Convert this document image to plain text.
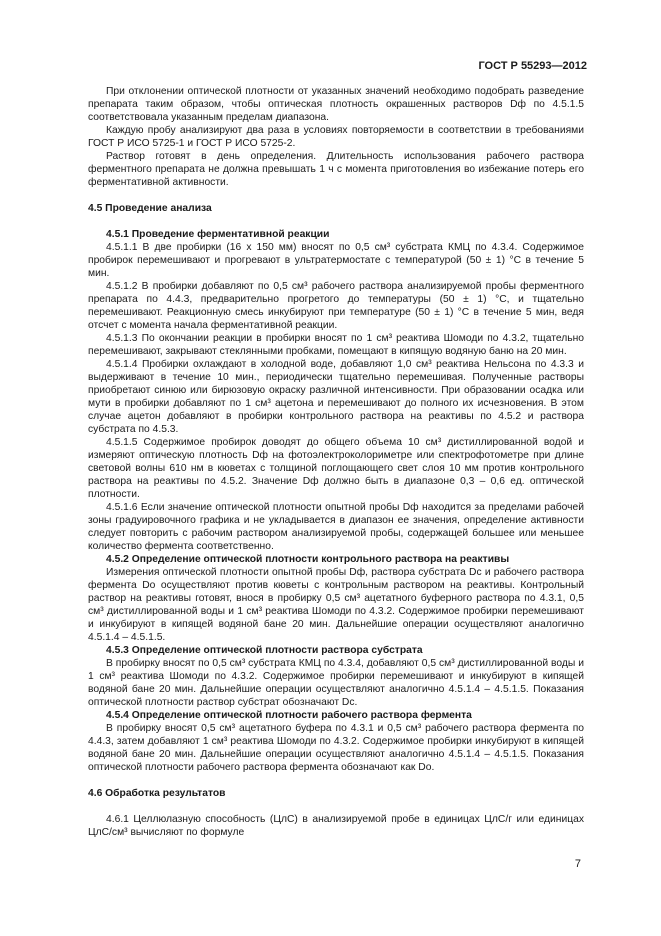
ГОСТ Р 55293—2012

При отклонении оптической плотности от указанных значений необходимо подобрать разведение препарата таким образом, чтобы оптическая плотность окрашенных растворов Dф по 4.5.1.5 соответствовала указанным пределам диапазона.

Каждую пробу анализируют два раза в условиях повторяемости в соответствии в требованиями ГОСТ Р ИСО 5725-1 и ГОСТ Р ИСО 5725-2.

Раствор готовят в день определения. Длительность использования рабочего раствора ферментного препарата не должна превышать 1 ч с момента приготовления во избежание потерь его ферментативной активности.

4.5 Проведение анализа

4.5.1 Проведение ферментативной реакции

4.5.1.1 В две пробирки (16 х 150 мм) вносят по 0,5 см³ субстрата КМЦ по 4.3.4. Содержимое пробирок перемешивают и прогревают в ультратермостате с температурой (50 ± 1) °С в течение 5 мин.

4.5.1.2 В пробирки добавляют по 0,5 см³ рабочего раствора анализируемой пробы ферментного препарата по 4.4.3, предварительно прогретого до температуры (50 ± 1) °С, и тщательно перемешивают. Реакционную смесь инкубируют при температуре (50 ± 1) °С в течение 5 мин, ведя отсчет с момента начала ферментативной реакции.

4.5.1.3 По окончании реакции в пробирки вносят по 1 см³ реактива Шомоди по 4.3.2, тщательно перемешивают, закрывают стеклянными пробками, помещают в кипящую водяную баню на 20 мин.

4.5.1.4 Пробирки охлаждают в холодной воде, добавляют 1,0 см³ реактива Нельсона по 4.3.3 и выдерживают в течение 10 мин., периодически тщательно перемешивая. Полученные растворы приобретают синюю или бирюзовую окраску различной интенсивности. При образовании осадка или мути в пробирки добавляют по 1 см³ ацетона и перемешивают до полного их исчезновения. В этом случае ацетон добавляют в пробирки контрольного раствора на реактивы по 4.5.2 и раствора субстрата по 4.5.3.

4.5.1.5 Содержимое пробирок доводят до общего объема 10 см³ дистиллированной водой и измеряют оптическую плотность Dф на фотоэлектроколориметре или спектрофотометре при длине световой волны 610 нм в кюветах с толщиной поглощающего свет слоя 10 мм против контрольного раствора на реактивы по 4.5.2. Значение Dф должно быть в диапазоне 0,3 – 0,6 ед. оптической плотности.

4.5.1.6 Если значение оптической плотности опытной пробы Dф находится за пределами рабочей зоны градуировочного графика и не укладывается в диапазон ее значения, определение активности следует повторить с рабочим раствором анализируемой пробы, содержащей большее или меньшее количество фермента соответственно.

4.5.2 Определение оптической плотности контрольного раствора на реактивы

Измерения оптической плотности опытной пробы Dф, раствора субстрата Dс и рабочего раствора фермента Dо осуществляют против кюветы с контрольным раствором на реактивы. Контрольный раствор на реактивы готовят, внося в пробирку 0,5 см³ ацетатного буферного раствора по 4.3.1, 0,5 см³ дистиллированной воды и 1 см³ реактива Шомоди по 4.3.2. Содержимое пробирки перемешивают и инкубируют в кипящей водяной бане 20 мин. Дальнейшие операции осуществляют аналогично 4.5.1.4 – 4.5.1.5.

4.5.3 Определение оптической плотности раствора субстрата

В пробирку вносят по 0,5 см³ субстрата КМЦ по 4.3.4, добавляют 0,5 см³ дистиллированной воды и 1 см³ реактива Шомоди по 4.3.2. Содержимое пробирки перемешивают и инкубируют в кипящей водяной бане 20 мин. Дальнейшие операции осуществляют аналогично 4.5.1.4 – 4.5.1.5. Показания оптической плотности раствор субстрат обозначают Dс.

4.5.4 Определение оптической плотности рабочего раствора фермента

В пробирку вносят 0,5 см³ ацетатного буфера по 4.3.1 и 0,5 см³ рабочего раствора фермента по 4.4.3, затем добавляют 1 см³ реактива Шомоди по 4.3.2. Содержимое пробирки инкубируют в кипящей водяной бане 20 мин. Дальнейшие операции осуществляют аналогично 4.5.1.4 – 4.5.1.5. Показания оптической плотности рабочего раствора фермента обозначают как Dо.

4.6 Обработка результатов

4.6.1 Целлюлазную способность (ЦлС) в анализируемой пробе в единицах ЦлС/г или единицах ЦлС/см³ вычисляют по формуле

7
